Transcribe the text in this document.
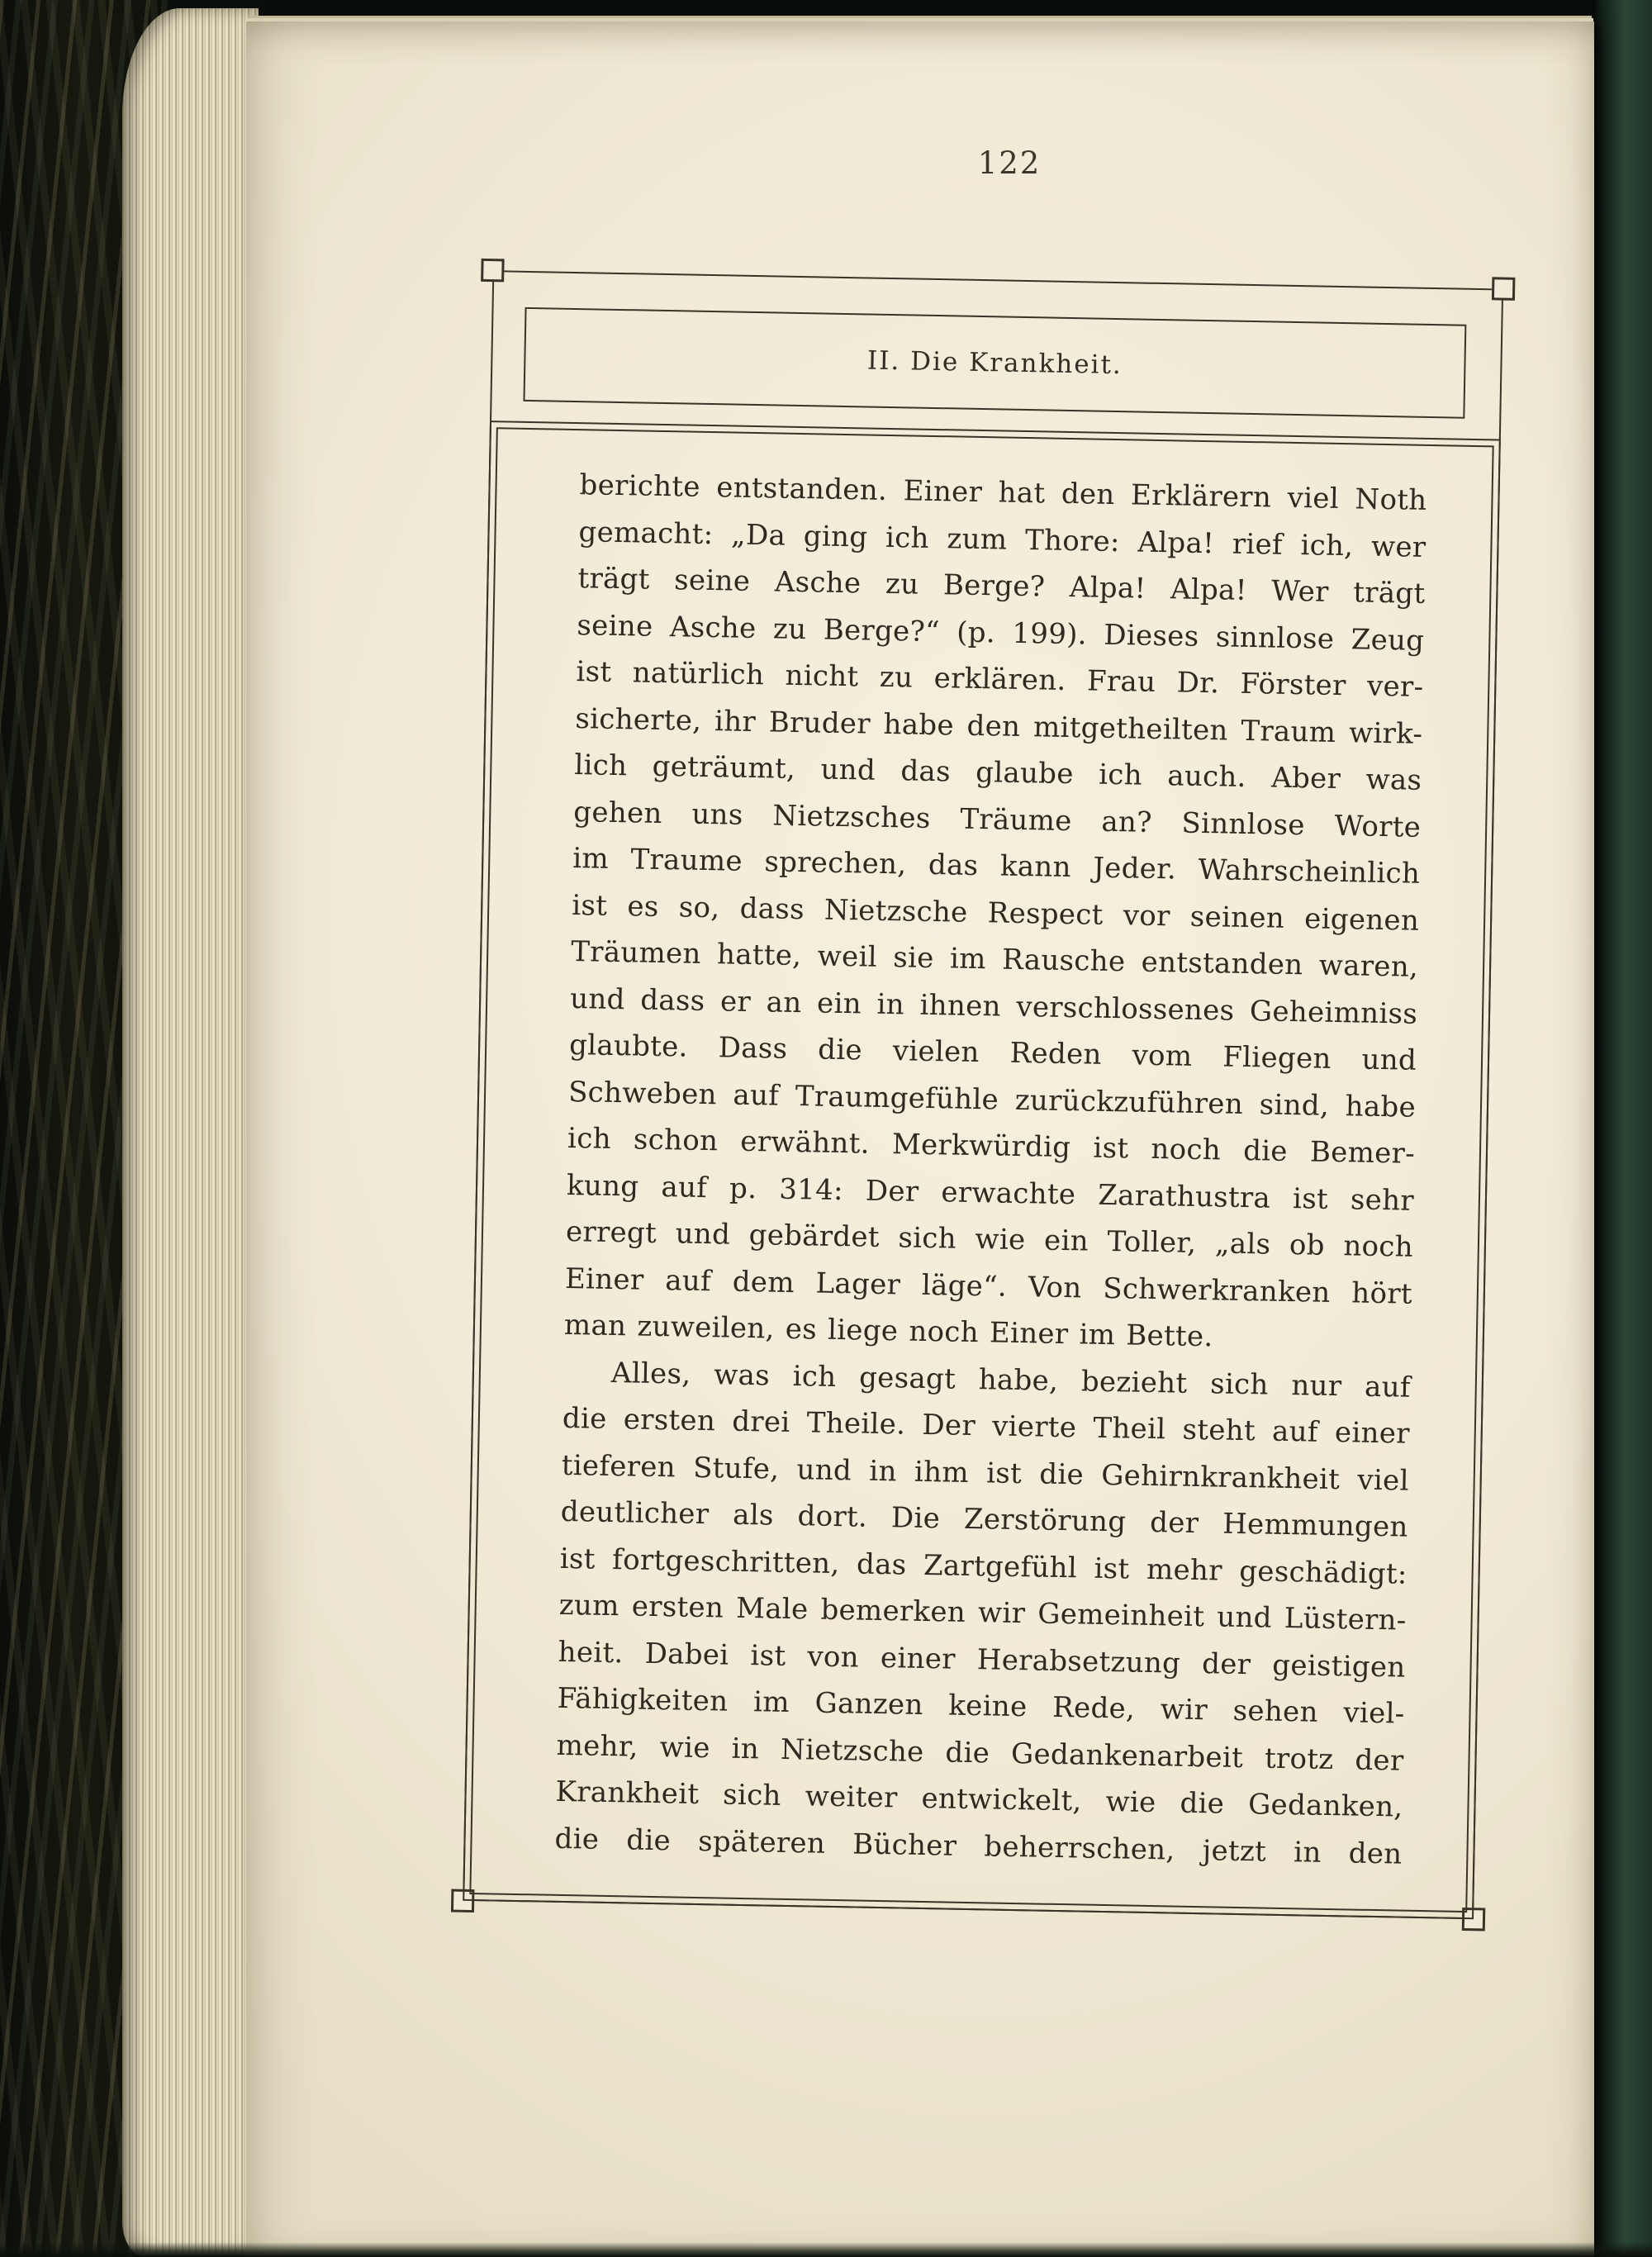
122
II. Die Krankheit.
berichte entstanden. Einer hat den Erklärern viel Noth
gemacht: „Da ging ich zum Thore: Alpa! rief ich, wer
trägt seine Asche zu Berge? Alpa! Alpa! Wer trägt
seine Asche zu Berge?“ (p. 199). Dieses sinnlose Zeug
ist natürlich nicht zu erklären. Frau Dr. Förster ver-
sicherte, ihr Bruder habe den mitgetheilten Traum wirk-
lich geträumt, und das glaube ich auch. Aber was
gehen uns Nietzsches Träume an? Sinnlose Worte
im Traume sprechen, das kann Jeder. Wahrscheinlich
ist es so, dass Nietzsche Respect vor seinen eigenen
Träumen hatte, weil sie im Rausche entstanden waren,
und dass er an ein in ihnen verschlossenes Geheimniss
glaubte. Dass die vielen Reden vom Fliegen und
Schweben auf Traumgefühle zurückzuführen sind, habe
ich schon erwähnt. Merkwürdig ist noch die Bemer-
kung auf p. 314: Der erwachte Zarathustra ist sehr
erregt und gebärdet sich wie ein Toller, „als ob noch
Einer auf dem Lager läge“. Von Schwerkranken hört
man zuweilen, es liege noch Einer im Bette.
Alles, was ich gesagt habe, bezieht sich nur auf
die ersten drei Theile. Der vierte Theil steht auf einer
tieferen Stufe, und in ihm ist die Gehirnkrankheit viel
deutlicher als dort. Die Zerstörung der Hemmungen
ist fortgeschritten, das Zartgefühl ist mehr geschädigt:
zum ersten Male bemerken wir Gemeinheit und Lüstern-
heit. Dabei ist von einer Herabsetzung der geistigen
Fähigkeiten im Ganzen keine Rede, wir sehen viel-
mehr, wie in Nietzsche die Gedankenarbeit trotz der
Krankheit sich weiter entwickelt, wie die Gedanken,
die die späteren Bücher beherrschen, jetzt in den
